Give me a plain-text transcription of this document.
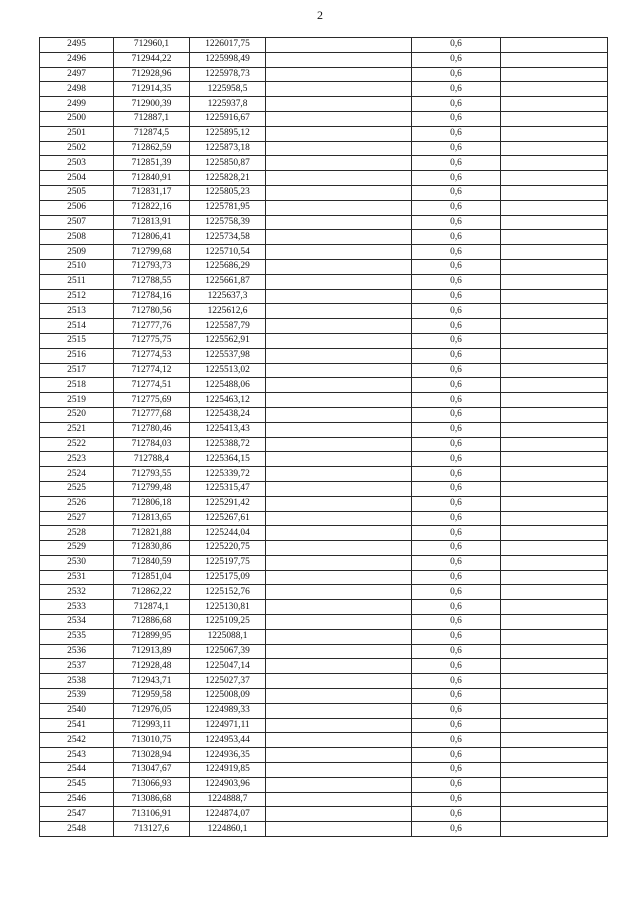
2
2495	712960,1	1226017,75		0,6	
2496	712944,22	1225998,49		0,6	
2497	712928,96	1225978,73		0,6	
2498	712914,35	1225958,5		0,6	
2499	712900,39	1225937,8		0,6	
2500	712887,1	1225916,67		0,6	
2501	712874,5	1225895,12		0,6	
2502	712862,59	1225873,18		0,6	
2503	712851,39	1225850,87		0,6	
2504	712840,91	1225828,21		0,6	
2505	712831,17	1225805,23		0,6	
2506	712822,16	1225781,95		0,6	
2507	712813,91	1225758,39		0,6	
2508	712806,41	1225734,58		0,6	
2509	712799,68	1225710,54		0,6	
2510	712793,73	1225686,29		0,6	
2511	712788,55	1225661,87		0,6	
2512	712784,16	1225637,3		0,6	
2513	712780,56	1225612,6		0,6	
2514	712777,76	1225587,79		0,6	
2515	712775,75	1225562,91		0,6	
2516	712774,53	1225537,98		0,6	
2517	712774,12	1225513,02		0,6	
2518	712774,51	1225488,06		0,6	
2519	712775,69	1225463,12		0,6	
2520	712777,68	1225438,24		0,6	
2521	712780,46	1225413,43		0,6	
2522	712784,03	1225388,72		0,6	
2523	712788,4	1225364,15		0,6	
2524	712793,55	1225339,72		0,6	
2525	712799,48	1225315,47		0,6	
2526	712806,18	1225291,42		0,6	
2527	712813,65	1225267,61		0,6	
2528	712821,88	1225244,04		0,6	
2529	712830,86	1225220,75		0,6	
2530	712840,59	1225197,75		0,6	
2531	712851,04	1225175,09		0,6	
2532	712862,22	1225152,76		0,6	
2533	712874,1	1225130,81		0,6	
2534	712886,68	1225109,25		0,6	
2535	712899,95	1225088,1		0,6	
2536	712913,89	1225067,39		0,6	
2537	712928,48	1225047,14		0,6	
2538	712943,71	1225027,37		0,6	
2539	712959,58	1225008,09		0,6	
2540	712976,05	1224989,33		0,6	
2541	712993,11	1224971,11		0,6	
2542	713010,75	1224953,44		0,6	
2543	713028,94	1224936,35		0,6	
2544	713047,67	1224919,85		0,6	
2545	713066,93	1224903,96		0,6	
2546	713086,68	1224888,7		0,6	
2547	713106,91	1224874,07		0,6	
2548	713127,6	1224860,1		0,6	
